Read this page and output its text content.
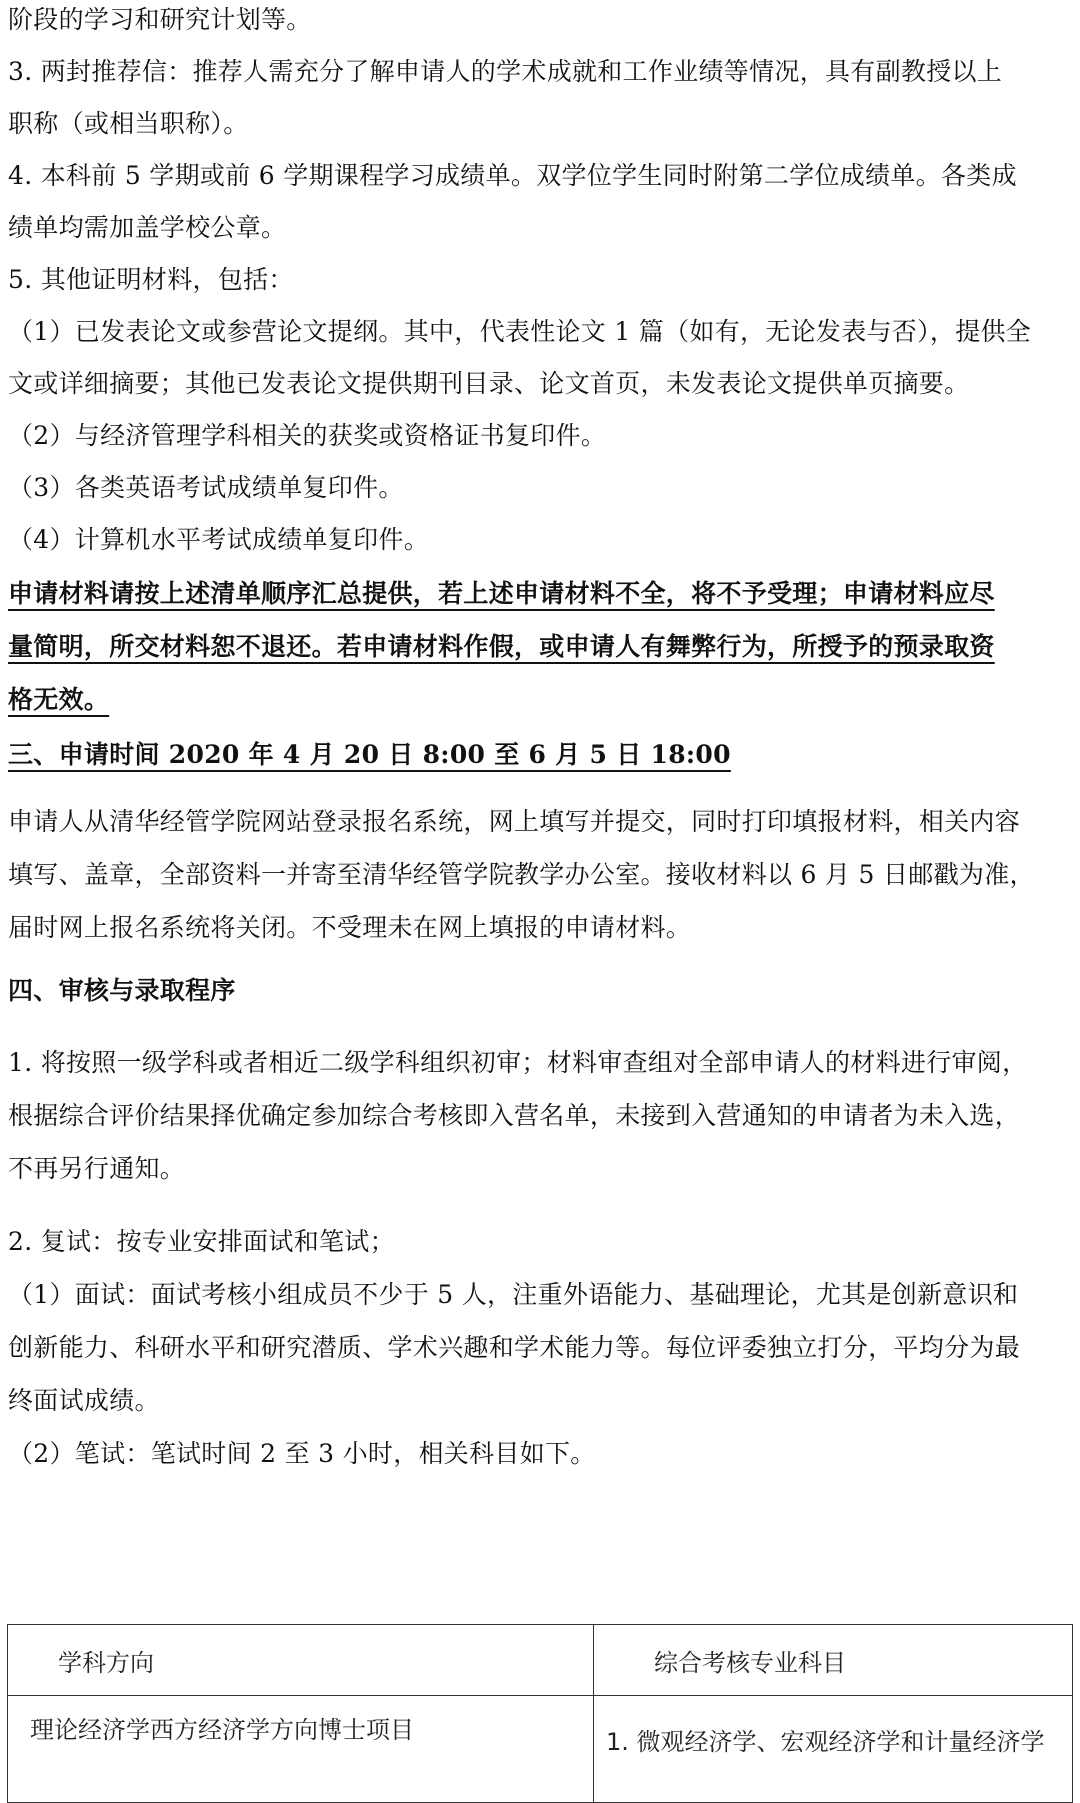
阶段的学习和研究计划等。
3. 两封推荐信：推荐人需充分了解申请人的学术成就和工作业绩等情况，具有副教授以上
职称（或相当职称）。
4. 本科前 5 学期或前 6 学期课程学习成绩单。双学位学生同时附第二学位成绩单。各类成
绩单均需加盖学校公章。
5. 其他证明材料，包括：
（1）已发表论文或参营论文提纲。其中，代表性论文 1 篇（如有，无论发表与否），提供全
文或详细摘要；其他已发表论文提供期刊目录、论文首页，未发表论文提供单页摘要。
（2）与经济管理学科相关的获奖或资格证书复印件。
（3）各类英语考试成绩单复印件。
（4）计算机水平考试成绩单复印件。
申请材料请按上述清单顺序汇总提供，若上述申请材料不全，将不予受理；申请材料应尽
量简明，所交材料恕不退还。若申请材料作假，或申请人有舞弊行为，所授予的预录取资
格无效。
三、申请时间 2020 年 4 月 20 日 8:00 至 6 月 5 日 18:00
申请人从清华经管学院网站登录报名系统，网上填写并提交，同时打印填报材料，相关内容
填写、盖章，全部资料一并寄至清华经管学院教学办公室。接收材料以 6 月 5 日邮戳为准，
届时网上报名系统将关闭。不受理未在网上填报的申请材料。
四、审核与录取程序
1. 将按照一级学科或者相近二级学科组织初审；材料审查组对全部申请人的材料进行审阅，
根据综合评价结果择优确定参加综合考核即入营名单，未接到入营通知的申请者为未入选，
不再另行通知。
2. 复试：按专业安排面试和笔试；
（1）面试：面试考核小组成员不少于 5 人，注重外语能力、基础理论，尤其是创新意识和
创新能力、科研水平和研究潜质、学术兴趣和学术能力等。每位评委独立打分，平均分为最
终面试成绩。
（2）笔试：笔试时间 2 至 3 小时，相关科目如下。
学科方向	综合考核专业科目
理论经济学西方经济学方向博士项目	1. 微观经济学、宏观经济学和计量经济学
